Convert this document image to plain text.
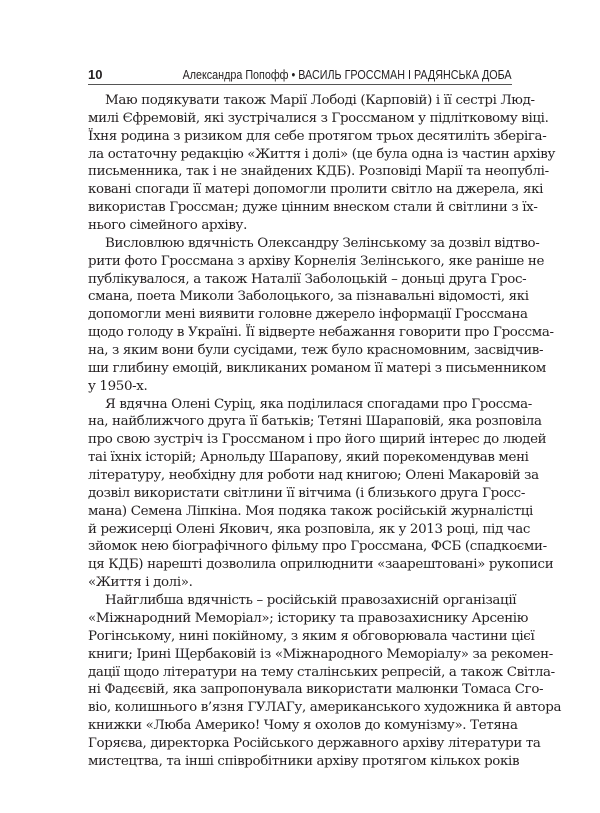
10	Александра Попофф • ВАСИЛЬ ГРОССМАН І РАДЯНСЬКА ДОБА
Маю подякувати також Марії Лободі (Карповій) і її сестрі Люд-
милі Єфремовій, які зустрічалися з Гроссманом у підлітковому віці.
Їхня родина з ризиком для себе протягом трьох десятиліть зберіга-
ла остаточну редакцію «Життя і долі» (це була одна із частин архіву
письменника, так і не знайдених КДБ). Розповіді Марії та неопублі-
ковані спогади її матері допомогли пролити світло на джерела, які
використав Гроссман; дуже цінним внеском стали й світлини з їх-
нього сімейного архіву.
Висловлюю вдячність Олександру Зелінському за дозвіл відтво-
рити фото Гроссмана з архіву Корнелія Зелінського, яке раніше не
публікувалося, а також Наталії Заболоцькій – доньці друга Грос-
смана, поета Миколи Заболоцького, за пізнавальні відомості, які
допомогли мені виявити головне джерело інформації Гроссмана
щодо голоду в Україні. Її відверте небажання говорити про Гроссма-
на, з яким вони були сусідами, теж було красномовним, засвідчив-
ши глибину емоцій, викликаних романом її матері з письменником
у 1950-х.
Я вдячна Олені Суріц, яка поділилася спогадами про Гроссма-
на, найближчого друга її батьків; Тетяні Шараповій, яка розповіла
про свою зустріч із Гроссманом і про його щирий інтерес до людей
таі їхніх історій; Арнольду Шарапову, який порекомендував мені
літературу, необхідну для роботи над книгою; Олені Макаровій за
дозвіл використати світлини її вітчима (і близького друга Гросс-
мана) Семена Ліпкіна. Моя подяка також російській журналістці
й режисерці Олені Якович, яка розповіла, як у 2013 році, під час
зйомок нею біографічного фільму про Гроссмана, ФСБ (спадкоєми-
ця КДБ) нарешті дозволила оприлюднити «заарештовані» рукописи
«Життя і долі».
Найглибша вдячність – російській правозахисній організації
«Міжнародний Меморіал»; історику та правозахиснику Арсенію
Рогінському, нині покійному, з яким я обговорювала частини цієї
книги; Ірині Щербаковій із «Міжнародного Меморіалу» за рекомен-
дації щодо літератури на тему сталінських репресій, а також Світла-
ні Фадєєвій, яка запропонувала використати малюнки Томаса Сго-
віо, колишнього в’язня ГУЛАГу, американського художника й автора
книжки «Люба Америко! Чому я охолов до комунізму». Тетяна
Горяєва, директорка Російського державного архіву літератури та
мистецтва, та інші співробітники архіву протягом кількох років
